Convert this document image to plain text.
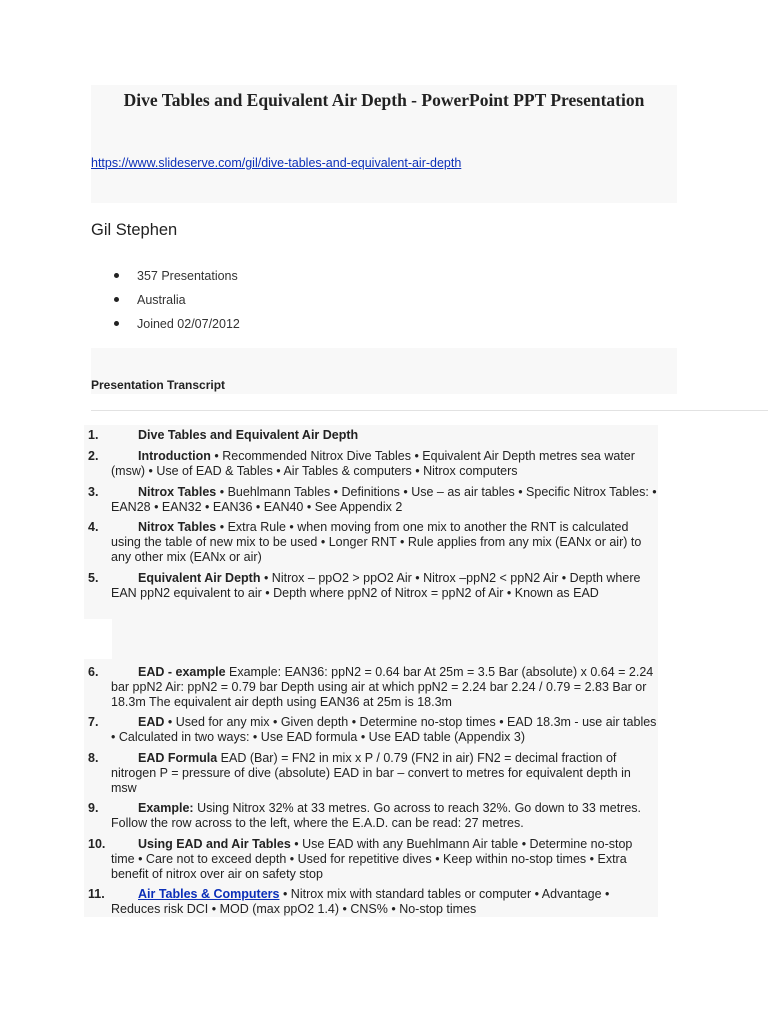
Dive Tables and Equivalent Air Depth - PowerPoint PPT Presentation
https://www.slideserve.com/gil/dive-tables-and-equivalent-air-depth
Gil Stephen
357 Presentations
Australia
Joined 02/07/2012
Presentation Transcript
1.	Dive Tables and Equivalent Air Depth
2.	Introduction • Recommended Nitrox Dive Tables • Equivalent Air Depth metres sea water (msw) • Use of EAD & Tables • Air Tables & computers • Nitrox computers
3.	Nitrox Tables • Buehlmann Tables • Definitions • Use – as air tables • Specific Nitrox Tables: • EAN28 • EAN32 • EAN36 • EAN40 • See Appendix 2
4.	Nitrox Tables • Extra Rule • when moving from one mix to another the RNT is calculated using the table of new mix to be used • Longer RNT • Rule applies from any mix (EANx or air) to any other mix (EANx or air)
5.	Equivalent Air Depth • Nitrox – ppO2 > ppO2 Air • Nitrox –ppN2 < ppN2 Air • Depth where EAN ppN2 equivalent to air • Depth where ppN2 of Nitrox = ppN2 of Air • Known as EAD
6.	EAD - example Example: EAN36: ppN2 = 0.64 bar At 25m = 3.5 Bar (absolute) x 0.64 = 2.24 bar ppN2 Air: ppN2 = 0.79 bar Depth using air at which ppN2 = 2.24 bar 2.24 / 0.79 = 2.83 Bar or 18.3m The equivalent air depth using EAN36 at 25m is 18.3m
7.	EAD • Used for any mix • Given depth • Determine no-stop times • EAD 18.3m - use air tables • Calculated in two ways: • Use EAD formula • Use EAD table (Appendix 3)
8.	EAD Formula EAD (Bar) = FN2 in mix x P / 0.79 (FN2 in air) FN2 = decimal fraction of nitrogen P = pressure of dive (absolute) EAD in bar – convert to metres for equivalent depth in msw
9.	Example: Using Nitrox 32% at 33 metres. Go across to reach 32%. Go down to 33 metres. Follow the row across to the left, where the E.A.D. can be read: 27 metres.
10.	Using EAD and Air Tables • Use EAD with any Buehlmann Air table • Determine no-stop time • Care not to exceed depth • Used for repetitive dives • Keep within no-stop times • Extra benefit of nitrox over air on safety stop
11.	Air Tables & Computers • Nitrox mix with standard tables or computer • Advantage • Reduces risk DCI • MOD (max ppO2 1.4) • CNS% • No-stop times
